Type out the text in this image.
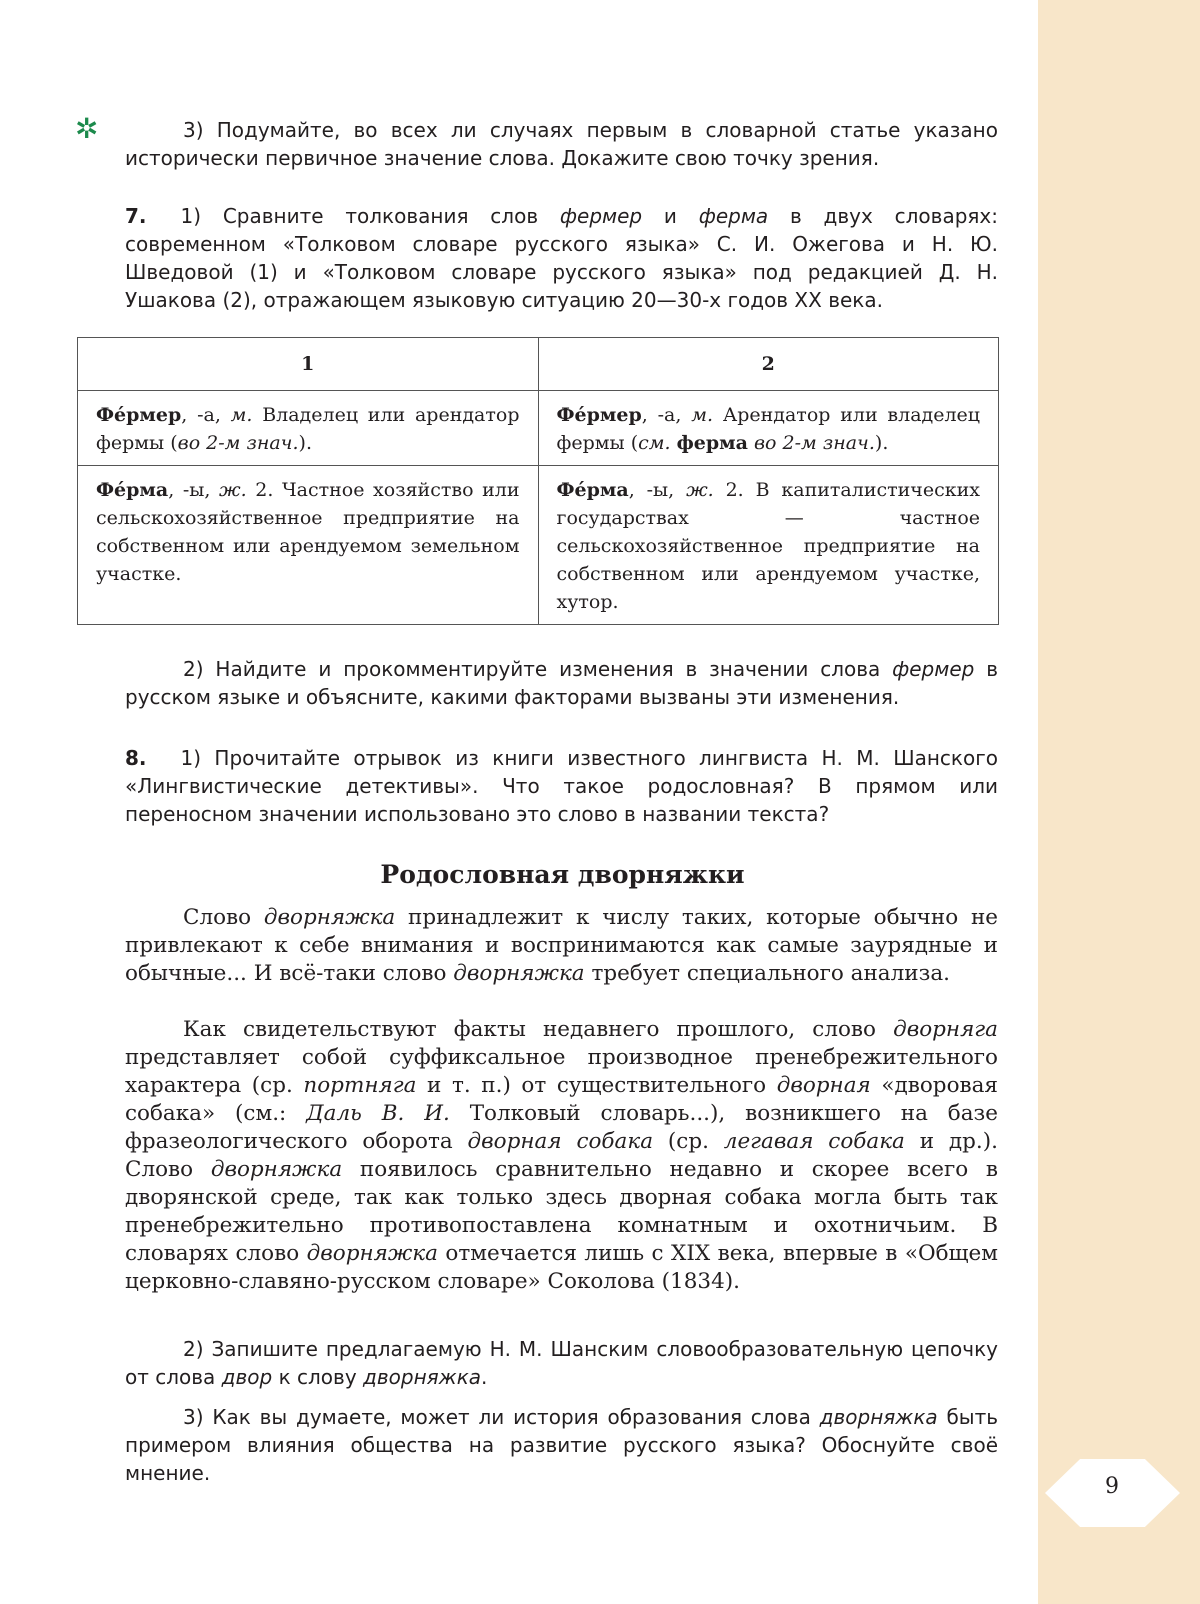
9
✲	3) Подумайте, во всех ли случаях первым в словарной статье указано исторически первичное значение слова. Докажите свою точку зрения.

7. 1) Сравните толкования слов фермер и ферма в двух словарях: современном «Толковом словаре русского языка» С. И. Ожегова и Н. Ю. Шведовой (1) и «Толковом словаре русского языка» под редакцией Д. Н. Ушакова (2), отражающем языковую ситуацию 20—30-х годов XX века.

1	2
Фе́рмер, -а, м. Владелец или арендатор фермы (во 2-м знач.).	Фе́рмер, -а, м. Арендатор или владелец фермы (см. ферма во 2-м знач.).
Фе́рма, -ы, ж. 2. Частное хозяйство или сельскохозяйственное предприятие на собственном или арендуемом земельном участке.	Фе́рма, -ы, ж. 2. В капиталистических государствах — частное сельскохозяйственное предприятие на собственном или арендуемом участке, хутор.

2) Найдите и прокомментируйте изменения в значении слова фермер в русском языке и объясните, какими факторами вызваны эти изменения.

8. 1) Прочитайте отрывок из книги известного лингвиста Н. М. Шанского «Лингвистические детективы». Что такое родословная? В прямом или переносном значении использовано это слово в названии текста?

Родословная дворняжки

Слово дворняжка принадлежит к числу таких, которые обычно не привлекают к себе внимания и воспринимаются как самые заурядные и обычные... И всё-таки слово дворняжка требует специального анализа.

Как свидетельствуют факты недавнего прошлого, слово дворняга представляет собой суффиксальное производное пренебрежительного характера (ср. портняга и т. п.) от существительного дворная «дворовая собака» (см.: Даль В. И. Толковый словарь...), возникшего на базе фразеологического оборота дворная собака (ср. легавая собака и др.). Слово дворняжка появилось сравнительно недавно и скорее всего в дворянской среде, так как только здесь дворная собака могла быть так пренебрежительно противопоставлена комнатным и охотничьим. В словарях слово дворняжка отмечается лишь с XIX века, впервые в «Общем церковно-славяно-русском словаре» Соколова (1834).

2) Запишите предлагаемую Н. М. Шанским словообразовательную цепочку от слова двор к слову дворняжка.

3) Как вы думаете, может ли история образования слова дворняжка быть примером влияния общества на развитие русского языка? Обоснуйте своё мнение.
